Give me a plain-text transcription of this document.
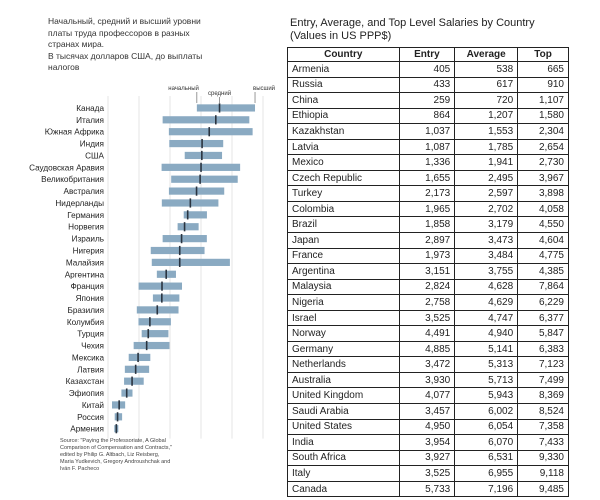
Начальный, средний и высший уровни
платы труда профессоров в разных
странах мира.
В тысячах долларов США, до выплаты
налогов
Канада
Италия
Южная Африка
Индия
США
Саудовская Аравия
Великобритания
Австралия
Нидерланды
Германия
Норвегия
Израиль
Нигерия
Малайзия
Аргентина
Франция
Япония
Бразилия
Колумбия
Турция
Чехия
Мексика
Латвия
Казахстан
Эфиопия
Китай
Россия
Армения
начальный
средний
высший
Source: "Paying the Professoriate, A Global
Comparison of Compensation and Contracts,"
edited by Philip G. Altbach, Liz Reisberg,
Maria Yudkevich, Gregory Androushchak and
Iván F. Pacheco
Entry, Average, and Top Level Salaries by Country
(Values in US PPP$)
Country	Entry	Average	Top
Armenia	405	538	665
Russia	433	617	910
China	259	720	1,107
Ethiopia	864	1,207	1,580
Kazakhstan	1,037	1,553	2,304
Latvia	1,087	1,785	2,654
Mexico	1,336	1,941	2,730
Czech Republic	1,655	2,495	3,967
Turkey	2,173	2,597	3,898
Colombia	1,965	2,702	4,058
Brazil	1,858	3,179	4,550
Japan	2,897	3,473	4,604
France	1,973	3,484	4,775
Argentina	3,151	3,755	4,385
Malaysia	2,824	4,628	7,864
Nigeria	2,758	4,629	6,229
Israel	3,525	4,747	6,377
Norway	4,491	4,940	5,847
Germany	4,885	5,141	6,383
Netherlands	3,472	5,313	7,123
Australia	3,930	5,713	7,499
United Kingdom	4,077	5,943	8,369
Saudi Arabia	3,457	6,002	8,524
United States	4,950	6,054	7,358
India	3,954	6,070	7,433
South Africa	3,927	6,531	9,330
Italy	3,525	6,955	9,118
Canada	5,733	7,196	9,485
